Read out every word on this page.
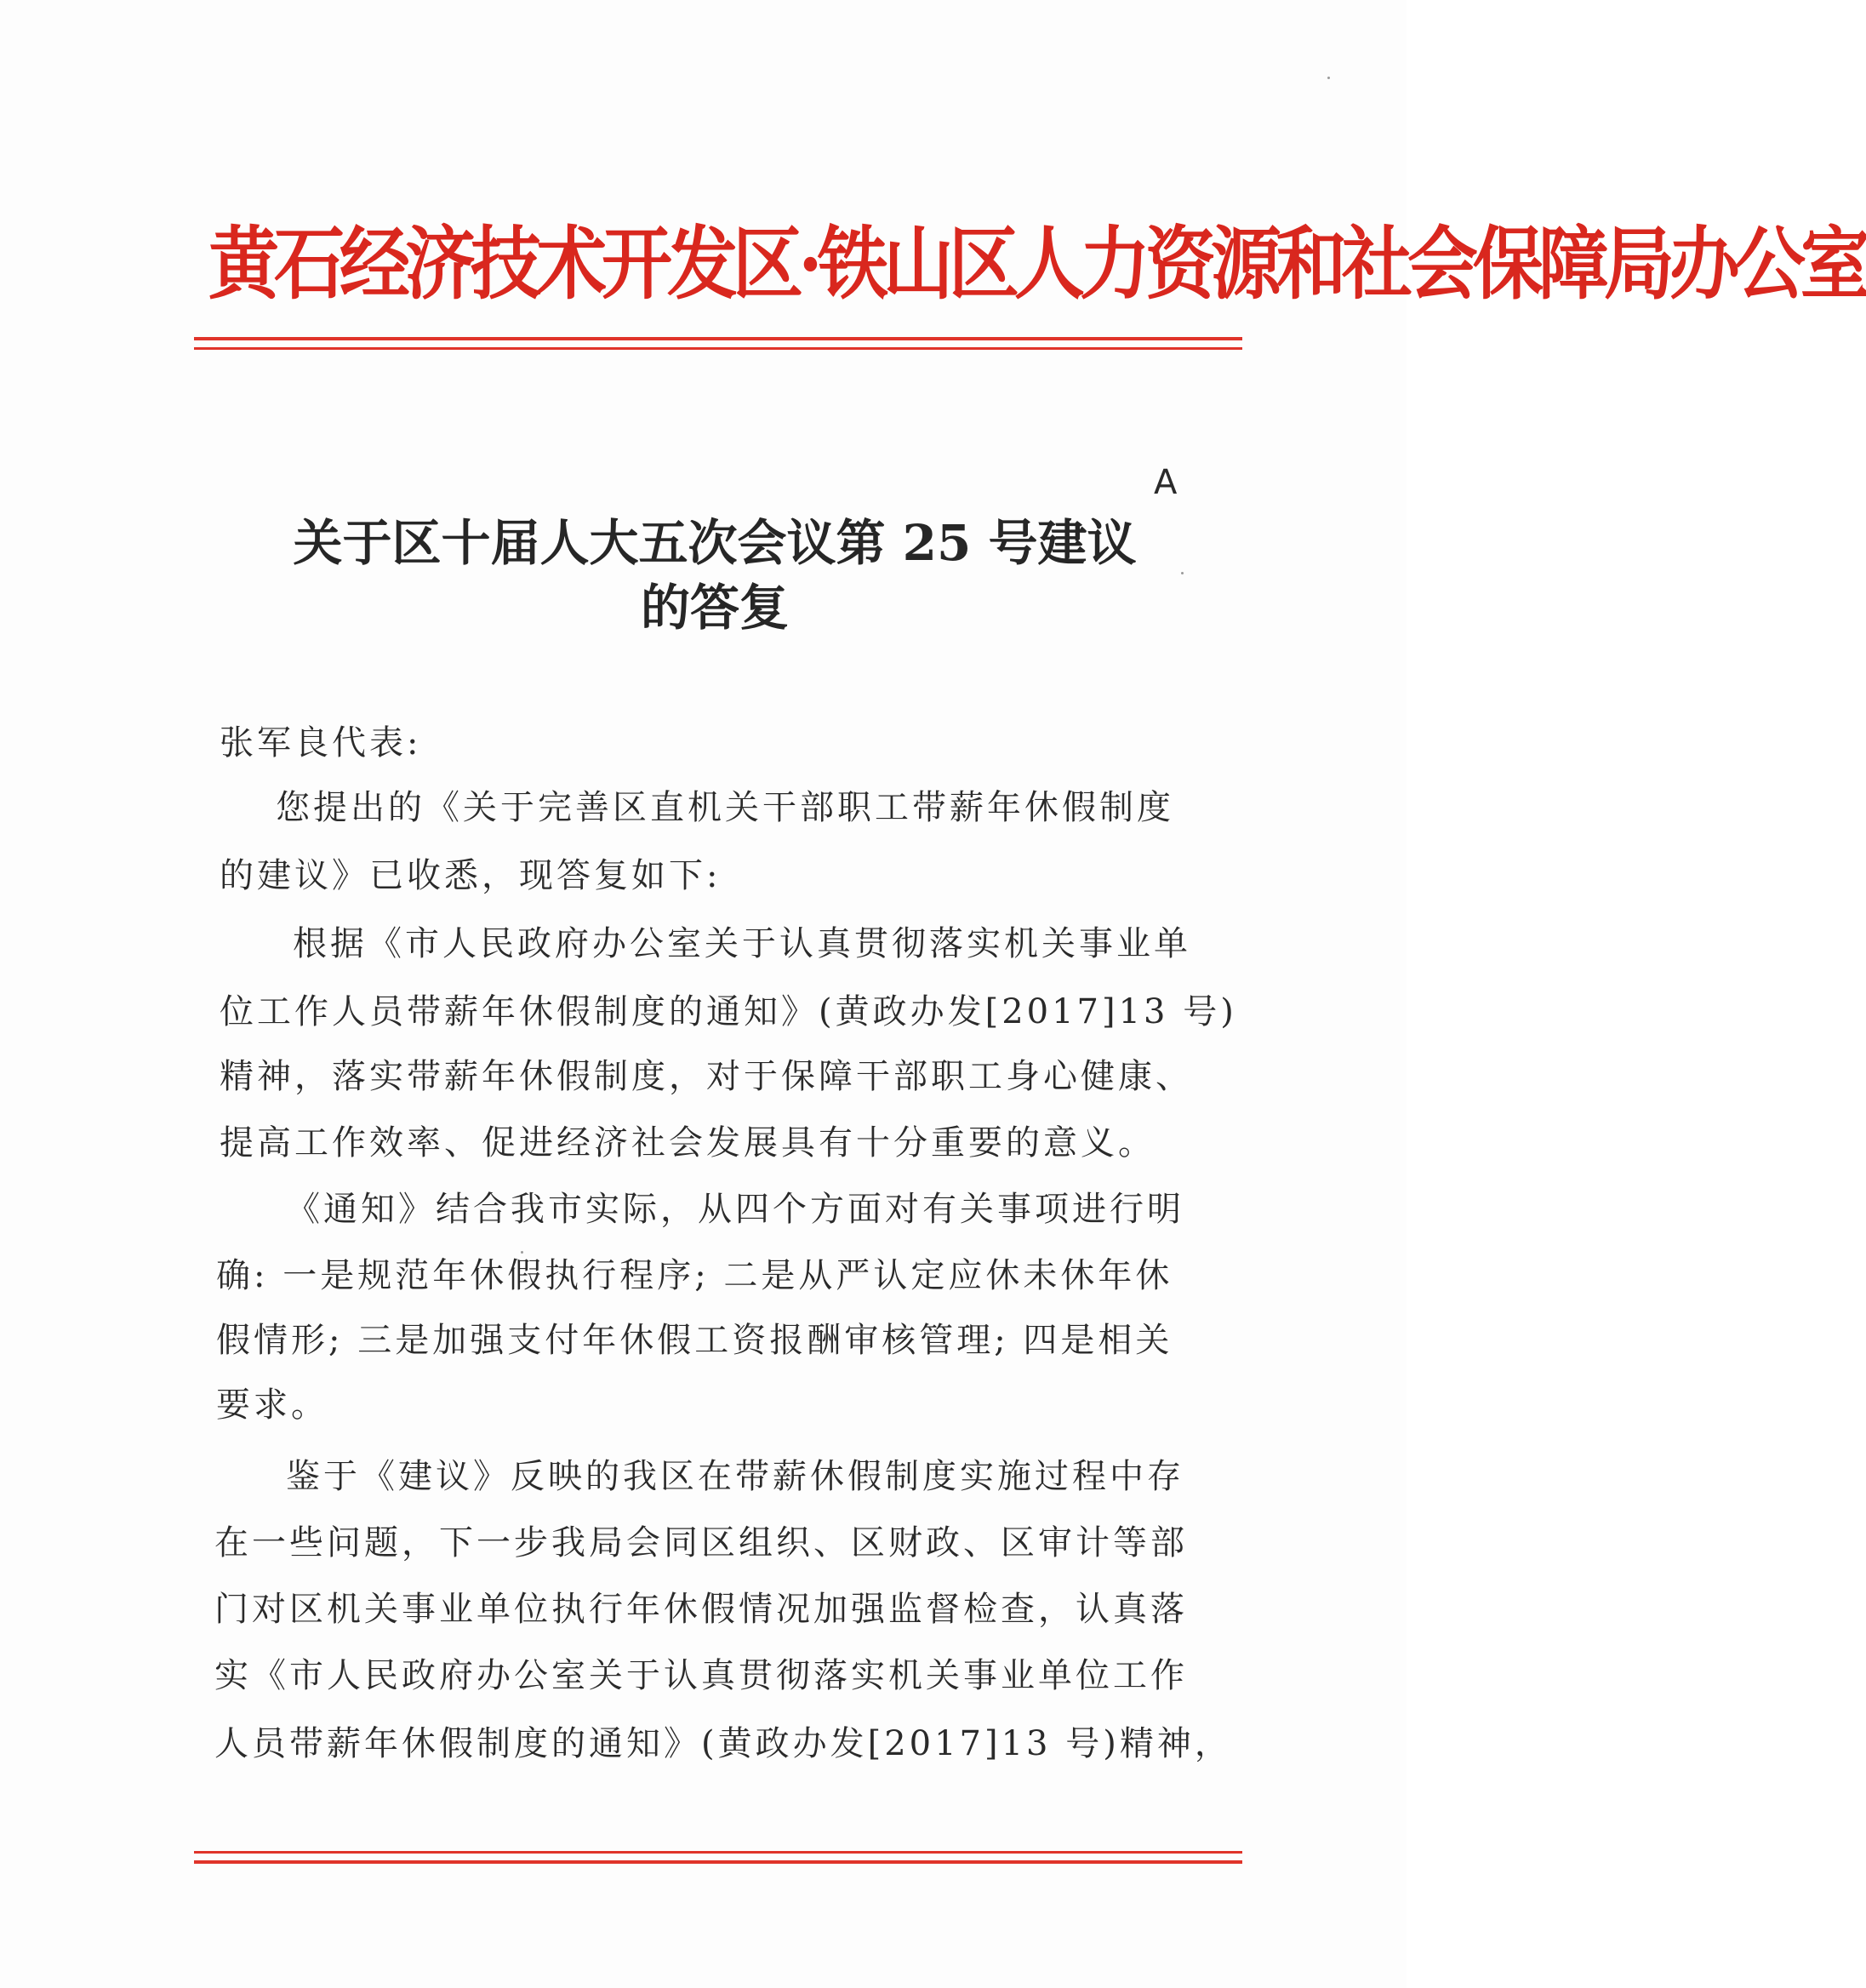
黄石经济技术开发区·铁山区人力资源和社会保障局办公室
A
关于区十届人大五次会议第 25 号建议
的答复
张军良代表:
您提出的《关于完善区直机关干部职工带薪年休假制度
的建议》已收悉，现答复如下:
根据《市人民政府办公室关于认真贯彻落实机关事业单
位工作人员带薪年休假制度的通知》(黄政办发[2017]13 号)
精神，落实带薪年休假制度，对于保障干部职工身心健康、
提高工作效率、促进经济社会发展具有十分重要的意义。
《通知》结合我市实际，从四个方面对有关事项进行明
确: 一是规范年休假执行程序; 二是从严认定应休未休年休
假情形; 三是加强支付年休假工资报酬审核管理; 四是相关
要求。
鉴于《建议》反映的我区在带薪休假制度实施过程中存
在一些问题，下一步我局会同区组织、区财政、区审计等部
门对区机关事业单位执行年休假情况加强监督检查，认真落
实《市人民政府办公室关于认真贯彻落实机关事业单位工作
人员带薪年休假制度的通知》(黄政办发[2017]13 号)精神，
